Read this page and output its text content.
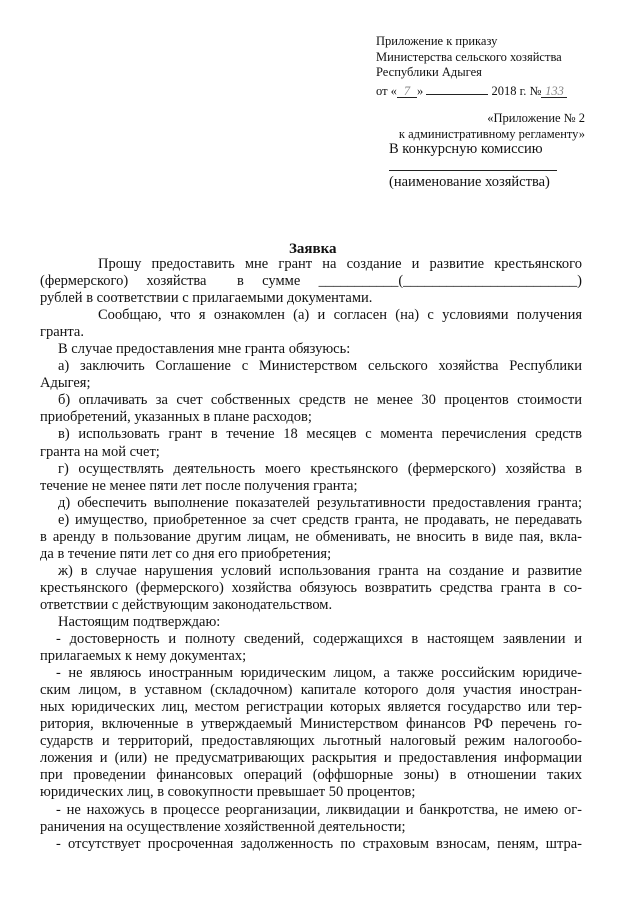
Приложение к приказу
Министерства сельского хозяйства
Республики Адыгея
от « 7 »	2018 г. № 133
«Приложение № 2
к административному регламенту»
В конкурсную комиссию
(наименование хозяйства)
Заявка
Прошу предоставить мне грант на создание и развитие крестьянского
(фермерского)   хозяйства     в   сумме   ___________(________________________)
рублей в соответствии с прилагаемыми документами.
Сообщаю, что я ознакомлен (а) и согласен (на) с условиями получения
гранта.
В случае предоставления мне гранта обязуюсь:
а) заключить Соглашение с Министерством сельского хозяйства Республики
Адыгея;
б) оплачивать за счет собственных средств не менее 30 процентов стоимости
приобретений, указанных в плане расходов;
в) использовать грант в течение 18 месяцев с момента перечисления средств
гранта на мой счет;
г) осуществлять деятельность моего крестьянского (фермерского) хозяйства в
течение не менее пяти лет после получения гранта;
д) обеспечить выполнение показателей результативности предоставления гранта;
е) имущество, приобретенное за счет средств гранта, не продавать, не передавать
в аренду в пользование другим лицам, не обменивать, не вносить в виде пая, вкла-
да в течение пяти лет со дня его приобретения;
ж) в случае нарушения условий использования гранта на создание и развитие
крестьянского (фермерского) хозяйства обязуюсь возвратить средства гранта в со-
ответствии с действующим законодательством.
Настоящим подтверждаю:
- достоверность и полноту сведений, содержащихся в настоящем заявлении и
прилагаемых к нему документах;
- не являюсь иностранным юридическим лицом, а также российским юридиче-
ским лицом, в уставном (складочном) капитале которого доля участия иностран-
ных юридических лиц, местом регистрации которых является государство или тер-
ритория, включенные в утверждаемый Министерством финансов РФ перечень го-
сударств и территорий, предоставляющих льготный налоговый режим налогообо-
ложения и (или) не предусматривающих раскрытия и предоставления информации
при проведении финансовых операций (оффшорные зоны) в отношении таких
юридических лиц, в совокупности превышает 50 процентов;
- не нахожусь в процессе реорганизации, ликвидации и банкротства, не имею ог-
раничения на осуществление хозяйственной деятельности;
- отсутствует просроченная задолженность по страховым взносам, пеням, штра-
